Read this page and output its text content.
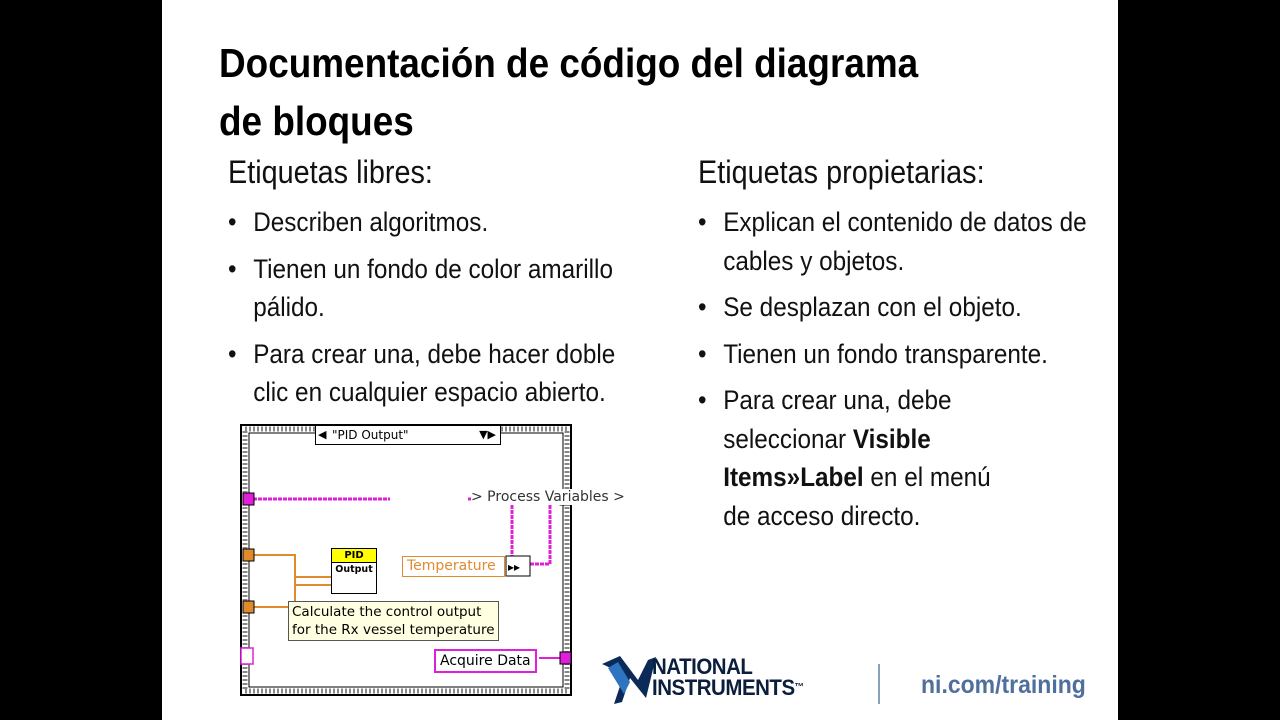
Documentación de código del diagrama
de bloques
Etiquetas libres:
• Describen algoritmos.
• Tienen un fondo de color amarillo pálido.
• Para crear una, debe hacer doble clic en cualquier espacio abierto.
Etiquetas propietarias:
• Explican el contenido de datos de cables y objetos.
• Se desplazan con el objeto.
• Tienen un fondo transparente.
• Para crear una, debe seleccionar Visible Items»Label en el menú de acceso directo.
▸▸
> Process Variables >
◀ "PID Output"	▼▶
PID
Output	Temperature
Calculate the control output
for the Rx vessel temperature
Acquire Data	NATIONAL
INSTRUMENTS™	ni.com/training
